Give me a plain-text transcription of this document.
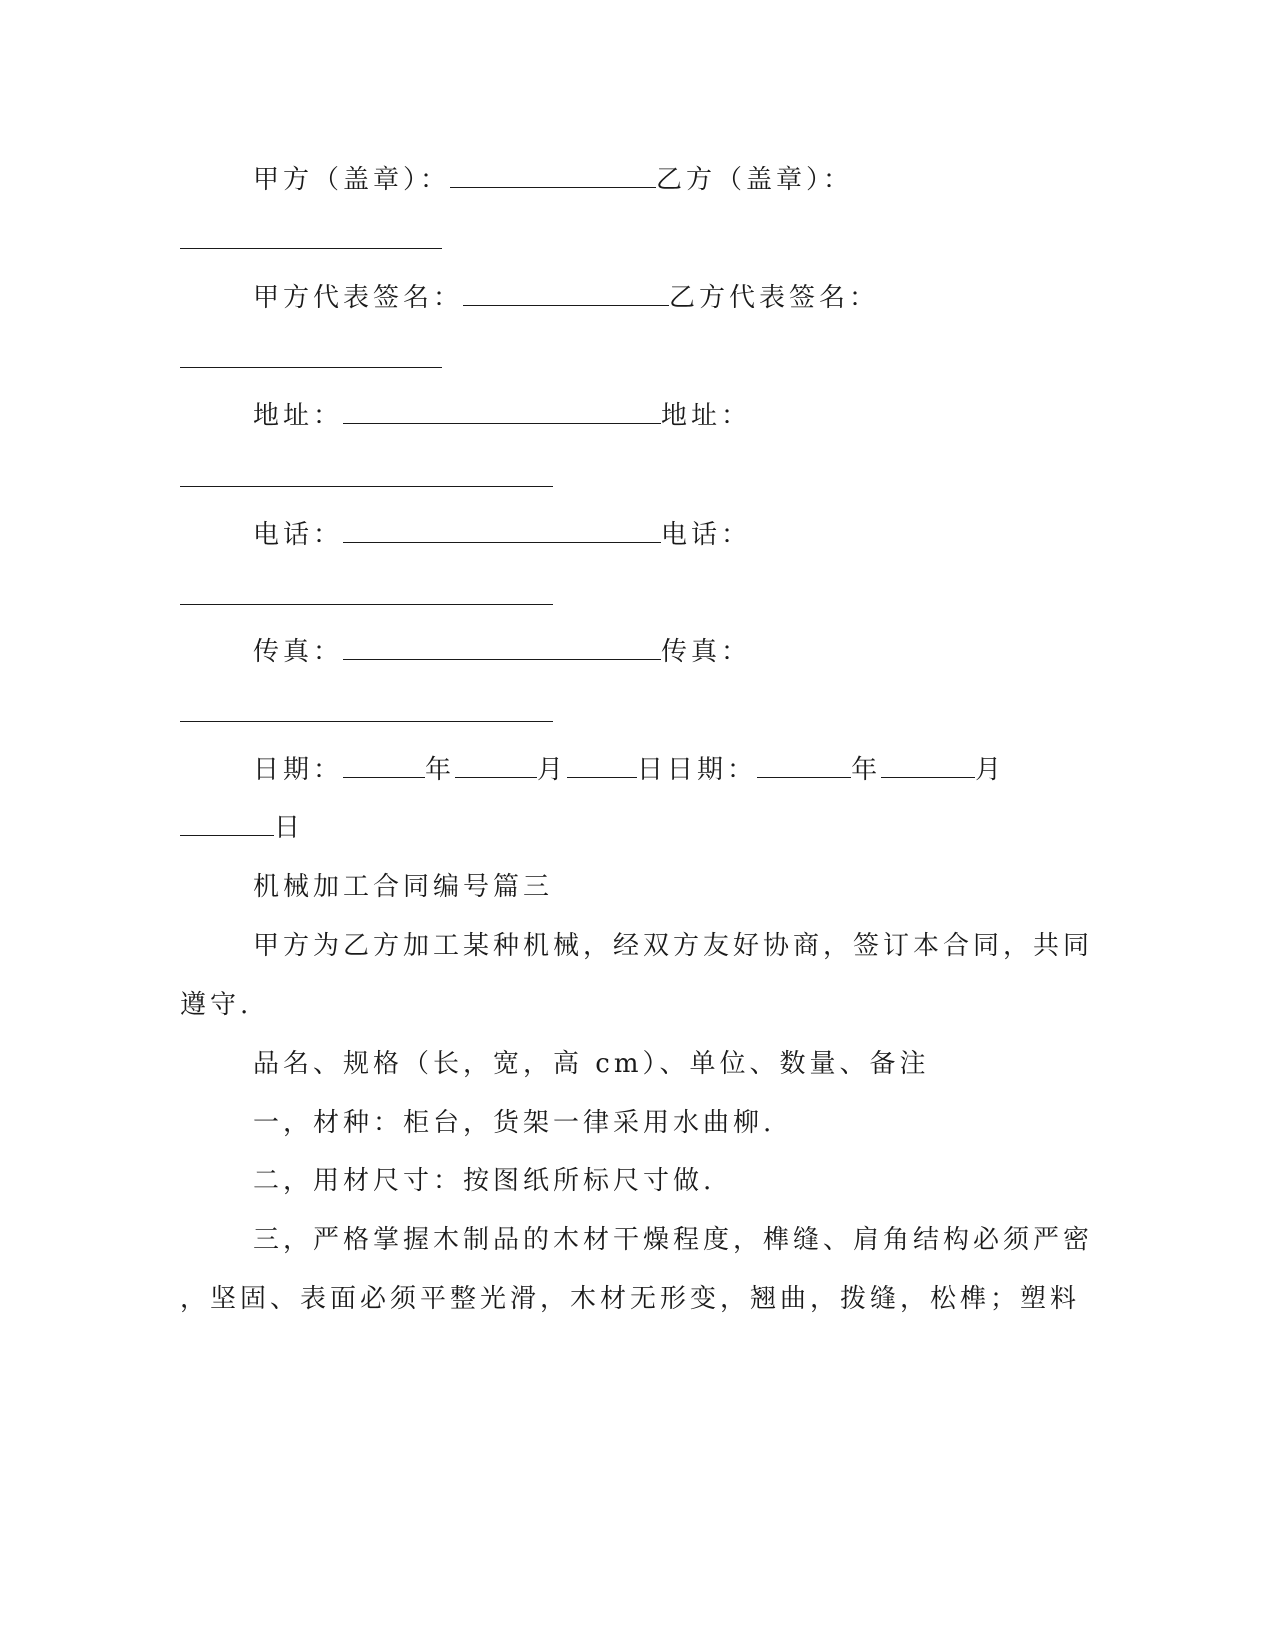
甲方（盖章）：	乙方（盖章）：
甲方代表签名：	乙方代表签名：
地址：	地址：
电话：	电话：
传真：	传真：
日期：	年	月	日日期：	年	月
日
机械加工合同编号篇三
甲方为乙方加工某种机械，经双方友好协商，签订本合同，共同
遵守.
品名、规格（长，宽，高 cm）、单位、数量、备注
一，材种：柜台，货架一律采用水曲柳.
二，用材尺寸：按图纸所标尺寸做.
三，严格掌握木制品的木材干燥程度，榫缝、肩角结构必须严密
，坚固、表面必须平整光滑，木材无形变，翘曲，拨缝，松榫；塑料
